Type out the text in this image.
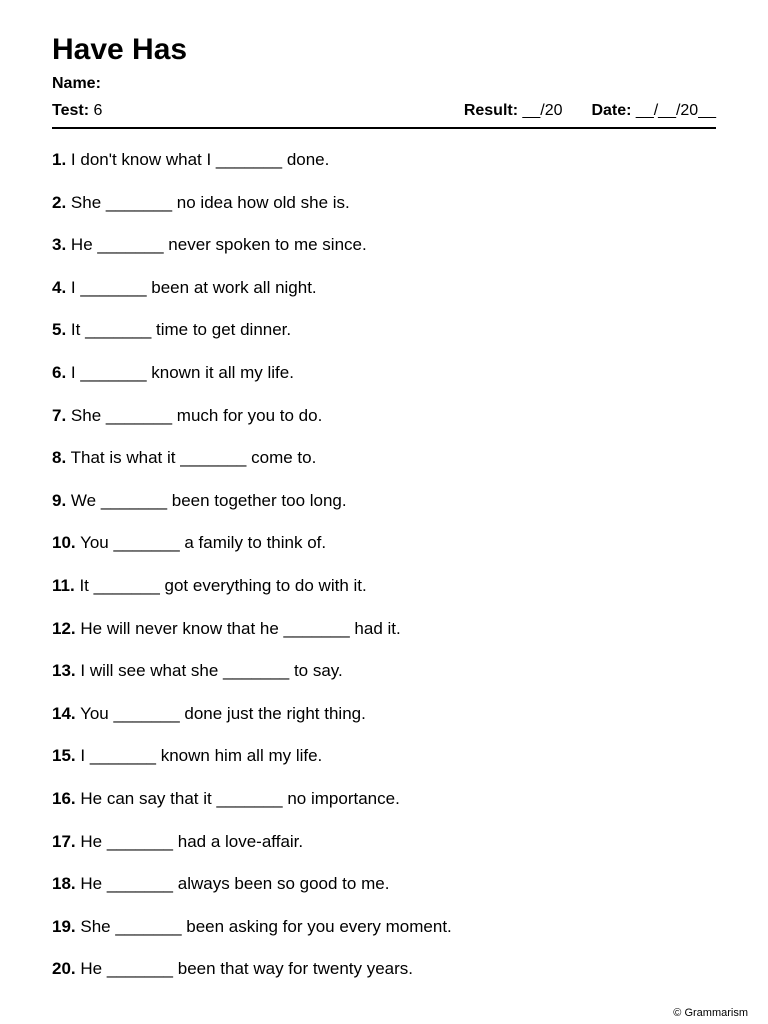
Have Has
Name:
Test: 6	Result: __/20 Date: __/__/20__
1. I don't know what I _______ done.
2. She _______ no idea how old she is.
3. He _______ never spoken to me since.
4. I _______ been at work all night.
5. It _______ time to get dinner.
6. I _______ known it all my life.
7. She _______ much for you to do.
8. That is what it _______ come to.
9. We _______ been together too long.
10. You _______ a family to think of.
11. It _______ got everything to do with it.
12. He will never know that he _______ had it.
13. I will see what she _______ to say.
14. You _______ done just the right thing.
15. I _______ known him all my life.
16. He can say that it _______ no importance.
17. He _______ had a love-affair.
18. He _______ always been so good to me.
19. She _______ been asking for you every moment.
20. He _______ been that way for twenty years.
© Grammarism
